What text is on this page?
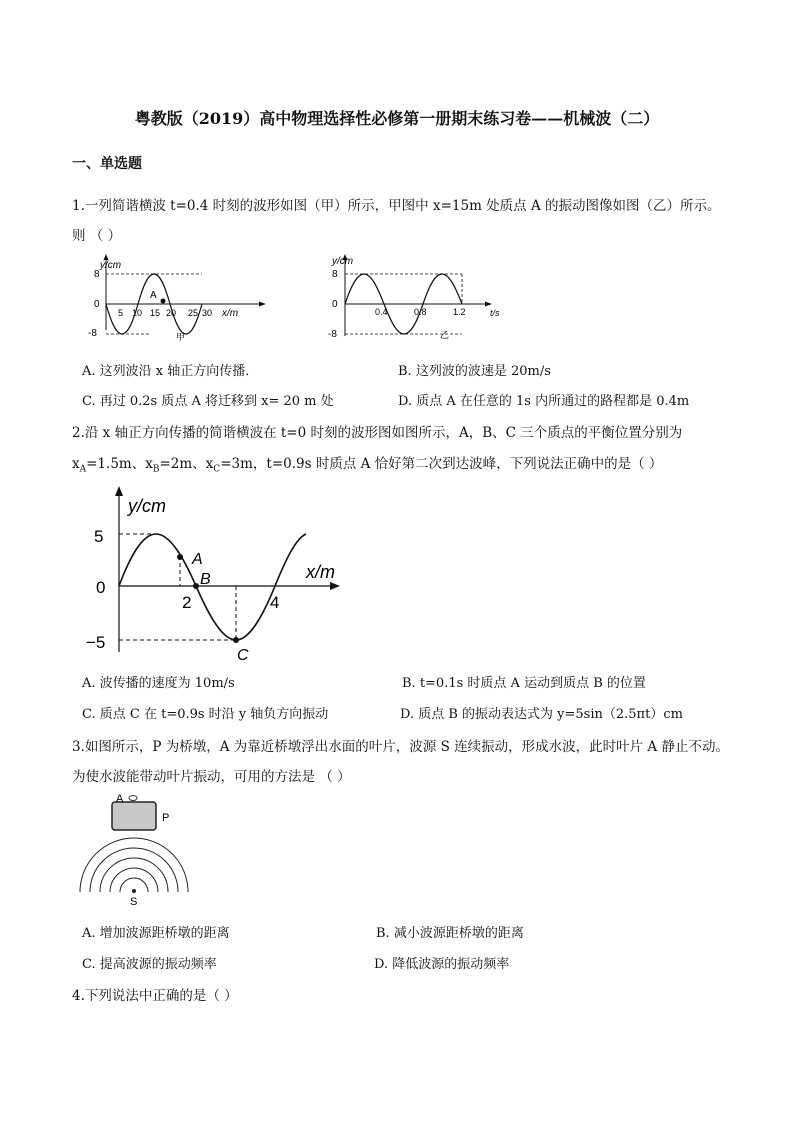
粤教版（2019）高中物理选择性必修第一册期末练习卷——机械波（二）
一、单选题
1.一列简谐横波 t=0.4 时刻的波形如图（甲）所示，甲图中 x=15m 处质点 A 的振动图像如图（乙）所示。
则 （ ）
y/cm
8
0
-8
5 10 15 20 25 30 x/m
A
甲
y/cm
8
0
-8
0.4	0.8	1.2	t/s
乙
A. 这列波沿 x 轴正方向传播．	B. 这列波的波速是 20m/s
C. 再过 0.2s 质点 A 将迁移到 x= 20 m 处	D. 质点 A 在任意的 1s 内所通过的路程都是 0.4m
2.沿 x 轴正方向传播的简谐横波在 t=0 时刻的波形图如图所示，A，B、C 三个质点的平衡位置分别为
$x_A=1.5m$、$x_B=2m$、$x_C=3m$，t=0.9s 时质点 A 恰好第二次到达波峰，下列说法正确中的是（ ）
y/cm
5
0
−5
2	4
x/m
A
B
C
A. 波传播的速度为 10m/s	B. t=0.1s 时质点 A 运动到质点 B 的位置
C. 质点 C 在 t=0.9s 时沿 y 轴负方向振动	D. 质点 B 的振动表达式为 y=5sin（2.5πt）cm
3.如图所示，P 为桥墩，A 为靠近桥墩浮出水面的叶片，波源 S 连续振动，形成水波，此时叶片 A 静止不动。
为使水波能带动叶片振动，可用的方法是 （ ）
A
P
S
A. 增加波源距桥墩的距离	B. 减小波源距桥墩的距离
C. 提高波源的振动频率	D. 降低波源的振动频率
4.下列说法中正确的是（ ）
